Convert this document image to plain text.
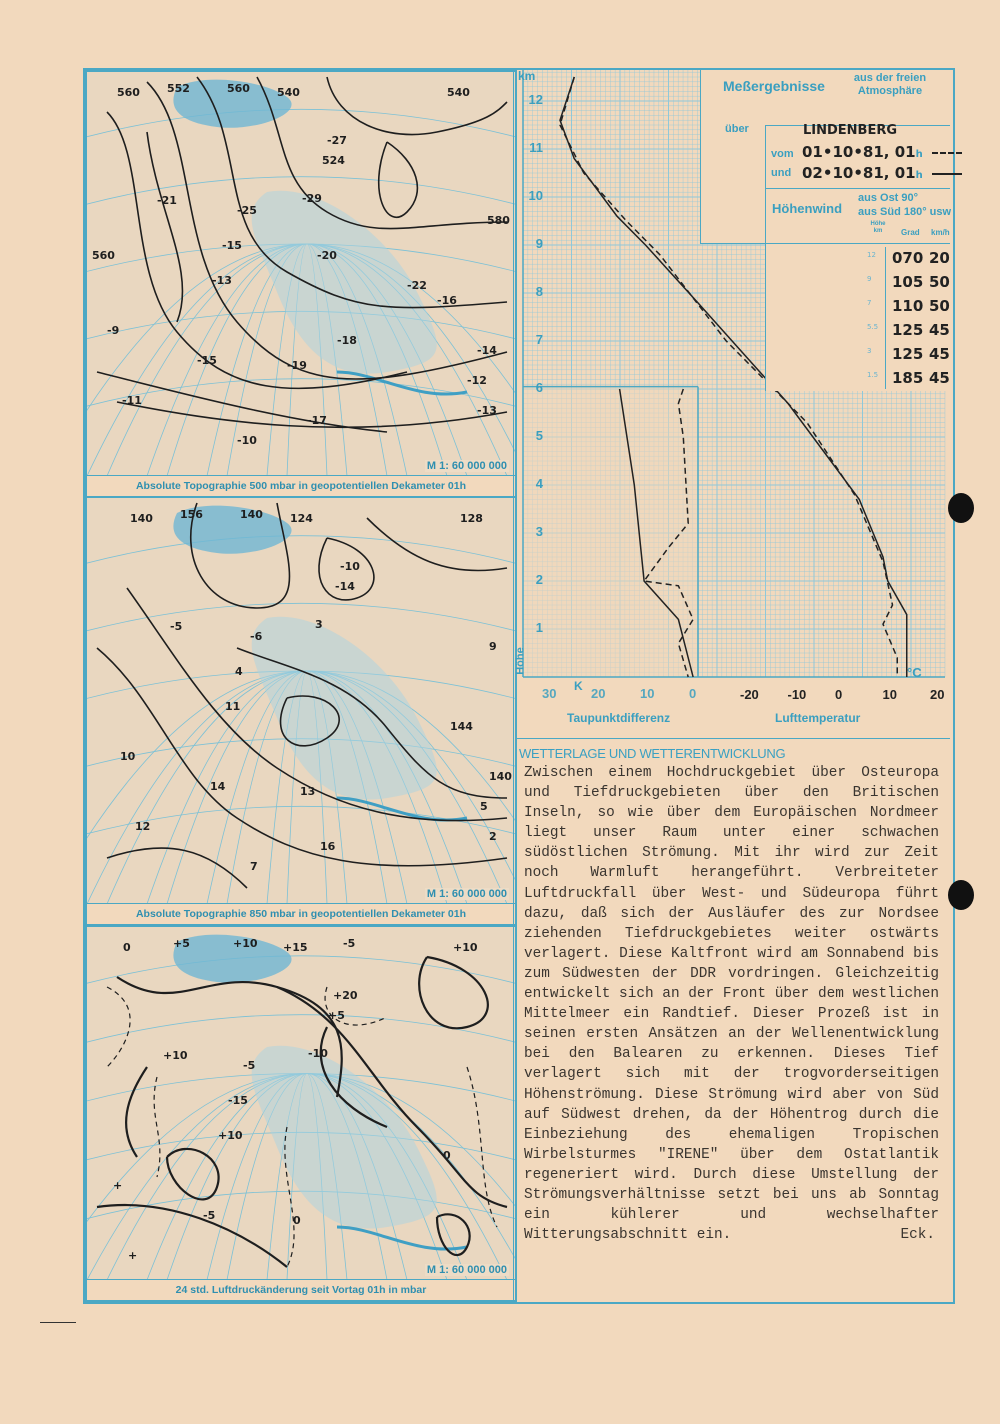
560 552	560 540	540
524
-27
-25
-21	-29
-15
-13
-9
-11
-15
-17
-19
-16
-14
-13
-12
-10
580
560	-20
-22
-18
M 1: 60 000 000
Absolute Topographie 500 mbar in geopotentiellen Dekameter 01h
140 156	140 124	128
-14
-10
-6
-5	3
4
11
10
12
14
16
13
144
140
2
5
7
9
M 1: 60 000 000
Absolute Topographie 850 mbar in geopotentiellen Dekameter 01h
0	+5	+10 +15	+10
+5
+20
-5
+10	-10
-15
+10
+
+
-5
-5
0
0
M 1: 60 000 000
24 std. Luftdruckänderung seit Vortag 01h in mbar
Meßergebnisse	aus der freien Atmosphäre
über	LINDENBERG
vom 01•10•81, 01h
und 02•10•81, 01h
Höhenwind
aus Ost 90°
aus Süd 180° usw
Höhe km	Grad km/h
12 070 20
9 105 50
7 110 50
5.5 125 45
3 125 45
1.5 185 45
km
12
11
10
9
8
7
6
5
4
3
2
1
Höhe
30	20	10	0
K
-20 -10 0	10	20
°C
Taupunktdifferenz	Lufttemperatur
WETTERLAGE UND WETTERENTWICKLUNG

Zwischen einem Hochdruckgebiet über Osteuropa und Tiefdruckgebieten über den Britischen Inseln, so wie über dem Europäischen Nordmeer liegt unser Raum unter einer schwachen südöstlichen Strömung. Mit ihr wird zur Zeit noch Warmluft herangeführt. Verbreiteter Luftdruckfall über West- und Südeuropa führt dazu, daß sich der Ausläufer des zur Nordsee ziehenden Tiefdruckgebietes weiter ostwärts verlagert. Diese Kaltfront wird am Sonnabend bis zum Südwesten der DDR vordringen. Gleichzeitig entwickelt sich an der Front über dem westlichen Mittelmeer ein Randtief. Dieser Prozeß ist in seinen ersten Ansätzen an der Wellenentwicklung bei den Balearen zu erkennen. Dieses Tief verlagert sich mit der trogvorderseitigen Höhenströmung. Diese Strömung wird aber von Süd auf Südwest drehen, da der Höhentrog durch die Einbeziehung des ehemaligen Tropischen Wirbelsturmes "IRENE" über dem Ostatlantik regeneriert wird. Durch diese Umstellung der Strömungsverhältnisse setzt bei uns ab Sonntag ein kühlerer und wechselhafter Witterungsabschnitt ein.	Eck.
